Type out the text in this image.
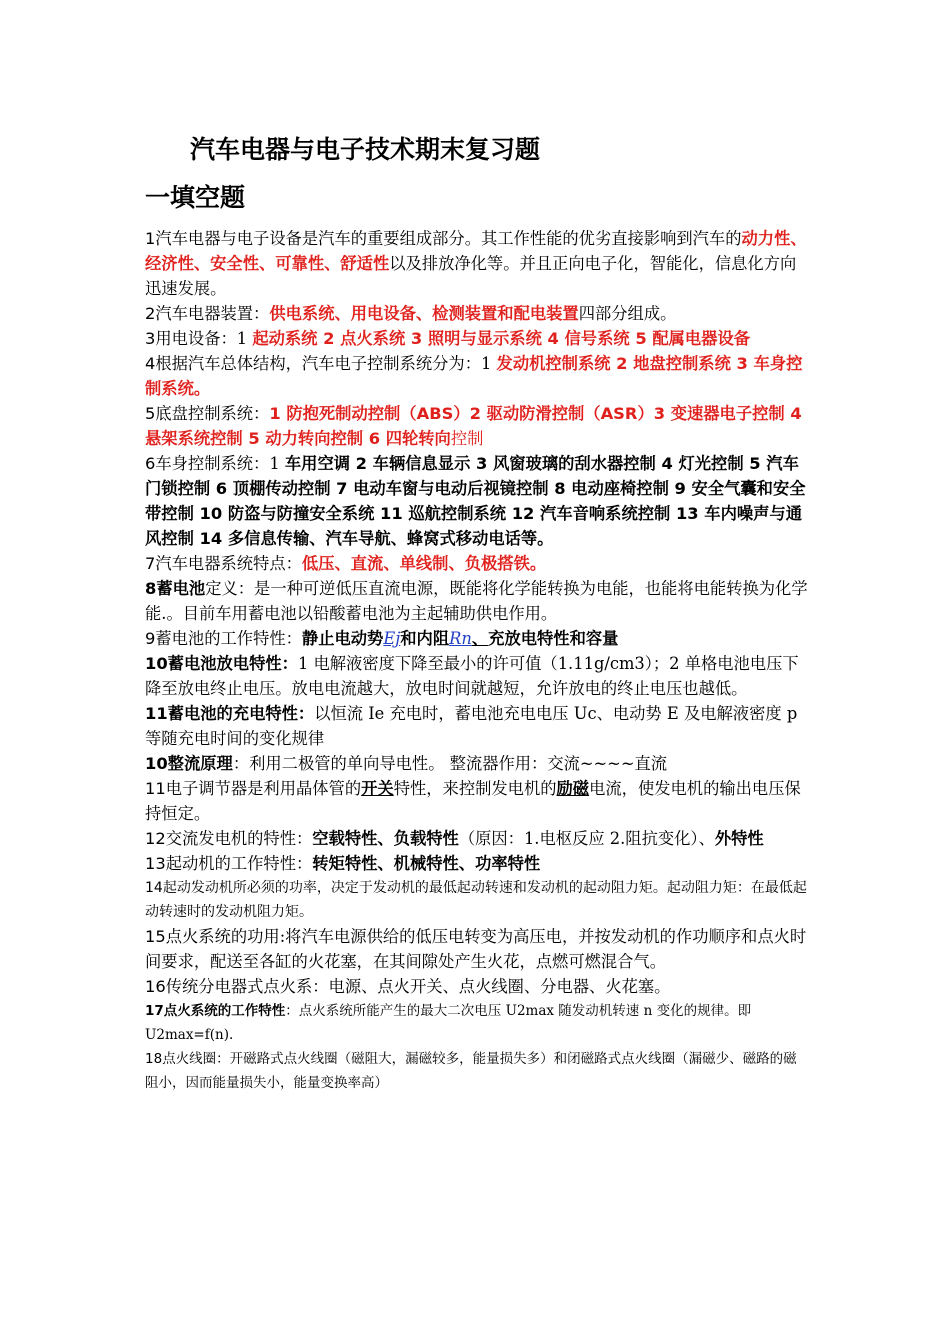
汽车电器与电子技术期末复习题
一填空题

1汽车电器与电子设备是汽车的重要组成部分。其工作性能的优劣直接影响到汽车的动力性、经济性、安全性、可靠性、舒适性以及排放净化等。并且正向电子化，智能化，信息化方向迅速发展。

2汽车电器装置：供电系统、用电设备、检测装置和配电装置四部分组成。

3用电设备：1 起动系统 2 点火系统 3 照明与显示系统 4 信号系统 5 配属电器设备

4根据汽车总体结构，汽车电子控制系统分为：1 发动机控制系统 2 地盘控制系统 3 车身控制系统。

5底盘控制系统：1 防抱死制动控制（ABS）2 驱动防滑控制（ASR）3 变速器电子控制 4 悬架系统控制 5 动力转向控制 6 四轮转向控制

6车身控制系统：1 车用空调 2 车辆信息显示 3 风窗玻璃的刮水器控制 4 灯光控制 5 汽车门锁控制 6 顶棚传动控制 7 电动车窗与电动后视镜控制 8 电动座椅控制 9 安全气囊和安全带控制 10 防盗与防撞安全系统 11 巡航控制系统 12 汽车音响系统控制 13 车内噪声与通风控制 14 多信息传输、汽车导航、蜂窝式移动电话等。

7汽车电器系统特点：低压、直流、单线制、负极搭铁。

8蓄电池定义：是一种可逆低压直流电源，既能将化学能转换为电能，也能将电能转换为化学能.。目前车用蓄电池以铅酸蓄电池为主起辅助供电作用。

9蓄电池的工作特性：静止电动势Ej和内阻Rn、充放电特性和容量

10蓄电池放电特性：1 电解液密度下降至最小的许可值（1.11g/cm3）；2 单格电池电压下降至放电终止电压。放电电流越大，放电时间就越短，允许放电的终止电压也越低。

11蓄电池的充电特性：以恒流 Ie 充电时，蓄电池充电电压 Uc、电动势 E 及电解液密度 p 等随充电时间的变化规律

10整流原理：利用二极管的单向导电性。 整流器作用：交流~~~~直流

11电子调节器是利用晶体管的开关特性，来控制发电机的励磁电流，使发电机的输出电压保持恒定。

12交流发电机的特性：空载特性、负载特性（原因：1.电枢反应 2.阻抗变化）、外特性

13起动机的工作特性：转矩特性、机械特性、功率特性

14起动发动机所必须的功率，决定于发动机的最低起动转速和发动机的起动阻力矩。起动阻力矩：在最低起动转速时的发动机阻力矩。

15点火系统的功用:将汽车电源供给的低压电转变为高压电，并按发动机的作功顺序和点火时间要求，配送至各缸的火花塞，在其间隙处产生火花，点燃可燃混合气。

16传统分电器式点火系：电源、点火开关、点火线圈、分电器、火花塞。

17点火系统的工作特性：点火系统所能产生的最大二次电压 U2max 随发动机转速 n 变化的规律。即 U2max=f(n).

18点火线圈：开磁路式点火线圈（磁阻大，漏磁较多，能量损失多）和闭磁路式点火线圈（漏磁少、磁路的磁阻小，因而能量损失小，能量变换率高）
